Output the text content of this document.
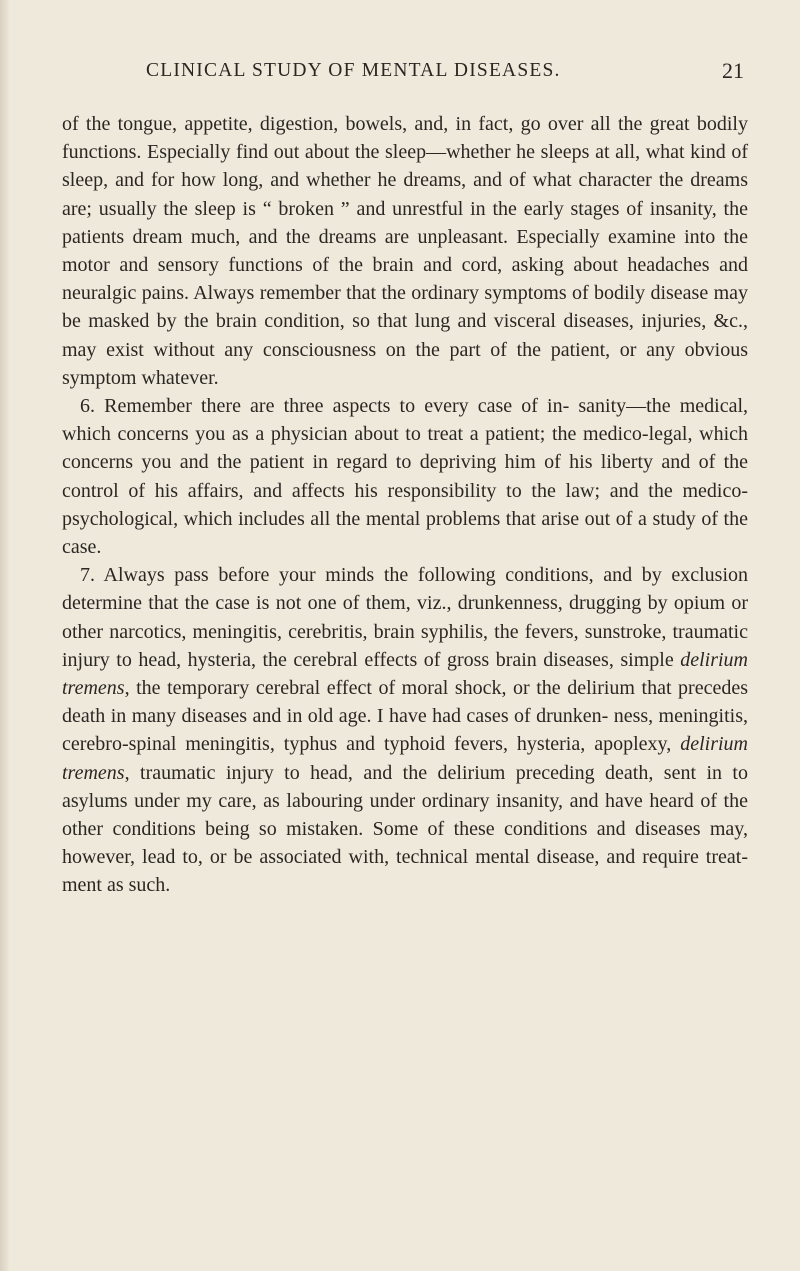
CLINICAL STUDY OF MENTAL DISEASES.	21

of the tongue, appetite, digestion, bowels, and, in fact, go over all the great bodily functions. Especially find out about the sleep—whether he sleeps at all, what kind of sleep, and for how long, and whether he dreams, and of what character the dreams are; usually the sleep is “ broken ” and unrestful in the early stages of insanity, the patients dream much, and the dreams are unpleasant. Especially examine into the motor and sensory functions of the brain and cord, asking about headaches and neuralgic pains. Always remember that the ordinary symptoms of bodily disease may be masked by the brain condition, so that lung and visceral diseases, injuries, &c., may exist without any consciousness on the part of the patient, or any obvious symptom whatever.

6. Remember there are three aspects to every case of in- sanity—the medical, which concerns you as a physician about to treat a patient; the medico-legal, which concerns you and the patient in regard to depriving him of his liberty and of the control of his affairs, and affects his responsibility to the law; and the medico-psychological, which includes all the mental problems that arise out of a study of the case.

7. Always pass before your minds the following conditions, and by exclusion determine that the case is not one of them, viz., drunkenness, drugging by opium or other narcotics, meningitis, cerebritis, brain syphilis, the fevers, sunstroke, traumatic injury to head, hysteria, the cerebral effects of gross brain diseases, simple delirium tremens, the temporary cerebral effect of moral shock, or the delirium that precedes death in many diseases and in old age. I have had cases of drunken- ness, meningitis, cerebro-spinal meningitis, typhus and typhoid fevers, hysteria, apoplexy, delirium tremens, traumatic injury to head, and the delirium preceding death, sent in to asylums under my care, as labouring under ordinary insanity, and have heard of the other conditions being so mistaken. Some of these conditions and diseases may, however, lead to, or be associated with, technical mental disease, and require treat- ment as such.
